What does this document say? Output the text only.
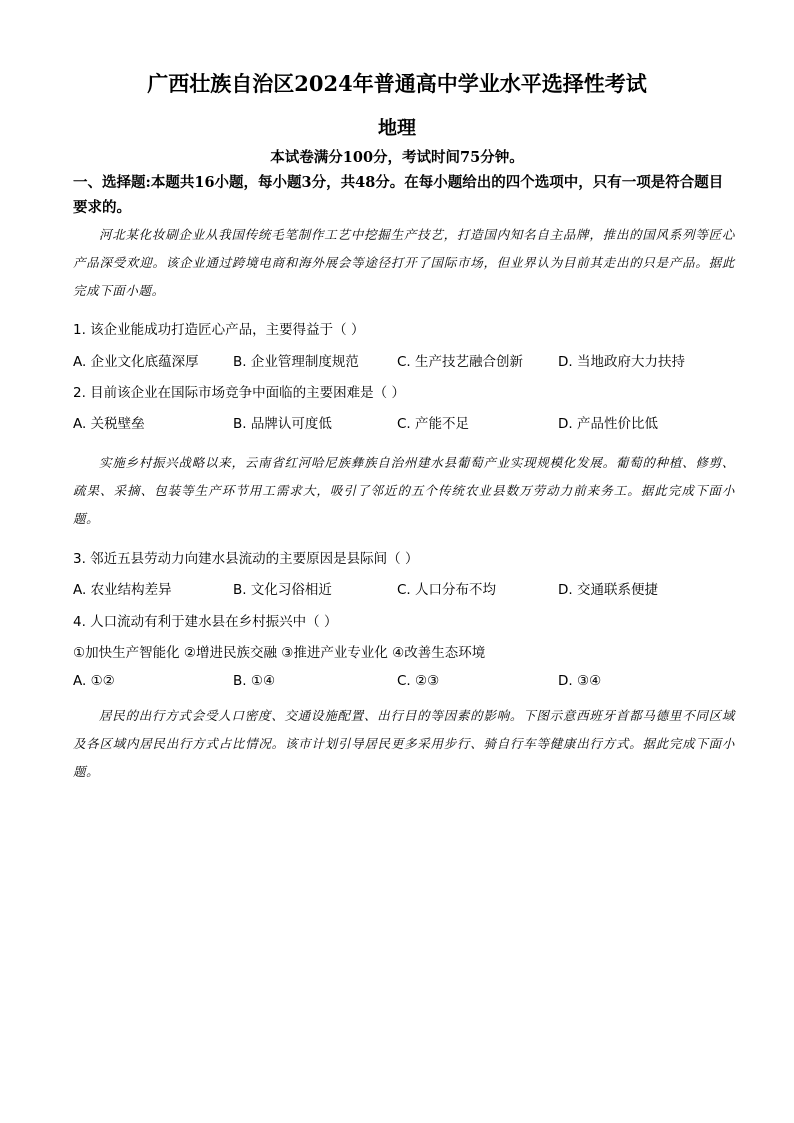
广西壮族自治区2024年普通高中学业水平选择性考试
地理
本试卷满分100分，考试时间75分钟。
一、选择题:本题共16小题，每小题3分，共48分。在每小题给出的四个选项中，只有一项是符合题目要求的。
河北某化妆刷企业从我国传统毛笔制作工艺中挖掘生产技艺，打造国内知名自主品牌，推出的国风系列等匠心产品深受欢迎。该企业通过跨境电商和海外展会等途径打开了国际市场，但业界认为目前其走出的只是产品。据此完成下面小题。
1. 该企业能成功打造匠心产品，主要得益于（ ）
A. 企业文化底蕴深厚	B. 企业管理制度规范	C. 生产技艺融合创新	D. 当地政府大力扶持
2. 目前该企业在国际市场竞争中面临的主要困难是（ ）
A. 关税壁垒	B. 品牌认可度低	C. 产能不足	D. 产品性价比低
实施乡村振兴战略以来，云南省红河哈尼族彝族自治州建水县葡萄产业实现规模化发展。葡萄的种植、修剪、疏果、采摘、包装等生产环节用工需求大，吸引了邻近的五个传统农业县数万劳动力前来务工。据此完成下面小题。
3. 邻近五县劳动力向建水县流动的主要原因是县际间（ ）
A. 农业结构差异	B. 文化习俗相近	C. 人口分布不均	D. 交通联系便捷
4. 人口流动有利于建水县在乡村振兴中（ ）
①加快生产智能化 ②增进民族交融 ③推进产业专业化 ④改善生态环境
A. ①②	B. ①④	C. ②③	D. ③④
居民的出行方式会受人口密度、交通设施配置、出行目的等因素的影响。下图示意西班牙首都马德里不同区域及各区域内居民出行方式占比情况。该市计划引导居民更多采用步行、骑自行车等健康出行方式。据此完成下面小题。
